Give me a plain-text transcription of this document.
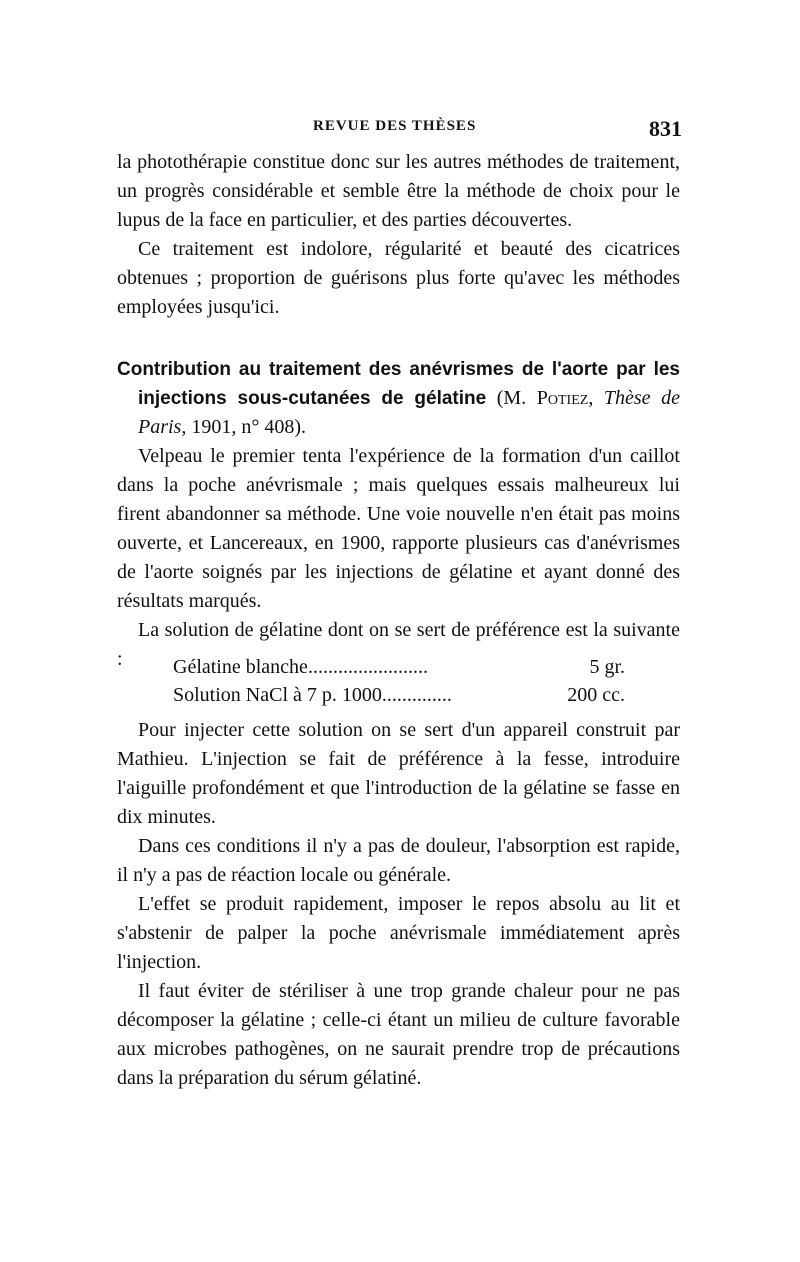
REVUE DES THÈSES	831

la photothérapie constitue donc sur les autres méthodes de traitement, un progrès considérable et semble être la méthode de choix pour le lupus de la face en particulier, et des parties découvertes.

Ce traitement est indolore, régularité et beauté des cicatrices obtenues ; proportion de guérisons plus forte qu'avec les méthodes employées jusqu'ici.

Contribution au traitement des anévrismes de l'aorte par les injections sous-cutanées de gélatine (M. Potiez, Thèse de Paris, 1901, n° 408).

Velpeau le premier tenta l'expérience de la formation d'un caillot dans la poche anévrismale ; mais quelques essais malheureux lui firent abandonner sa méthode. Une voie nouvelle n'en était pas moins ouverte, et Lancereaux, en 1900, rapporte plusieurs cas d'anévrismes de l'aorte soignés par les injections de gélatine et ayant donné des résultats marqués.

La solution de gélatine dont on se sert de préférence est la suivante :	Gélatine blanche........................	5 gr.
Solution NaCl à 7 p. 1000..............	200 cc.

Pour injecter cette solution on se sert d'un appareil construit par Mathieu. L'injection se fait de préférence à la fesse, introduire l'aiguille profondément et que l'introduction de la gélatine se fasse en dix minutes.

Dans ces conditions il n'y a pas de douleur, l'absorption est rapide, il n'y a pas de réaction locale ou générale.

L'effet se produit rapidement, imposer le repos absolu au lit et s'abstenir de palper la poche anévrismale immédiatement après l'injection.

Il faut éviter de stériliser à une trop grande chaleur pour ne pas décomposer la gélatine ; celle-ci étant un milieu de culture favorable aux microbes pathogènes, on ne saurait prendre trop de précautions dans la préparation du sérum gélatiné.
